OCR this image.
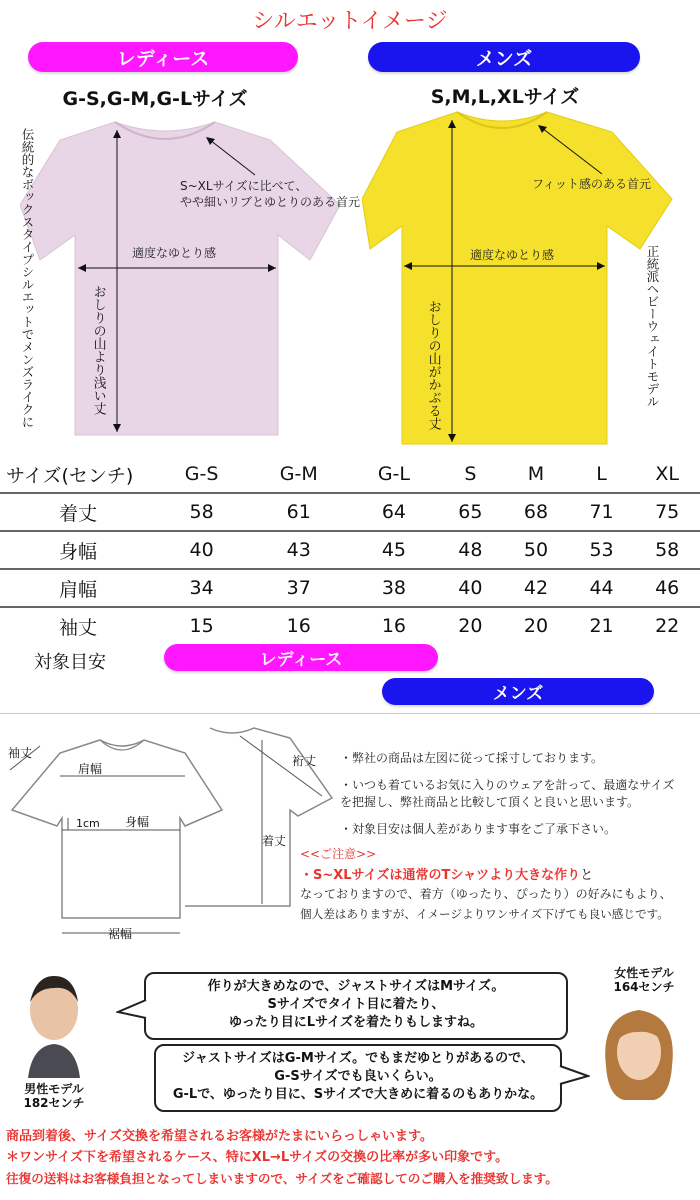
シルエットイメージ
レディース	メンズ
G-S,G-M,G-Lサイズ	S,M,L,XLサイズ
S~XLサイズに比べて、
やや細いリブとゆとりのある首元
適度なゆとり感
おしりの山より浅い丈
伝統的なボックスタイプシルエットでメンズライクに	フィット感のある首元
適度なゆとり感
おしりの山がかぶる丈	正統派ヘビーウェイトモデル
サイズ(センチ)	G-S	G-M	G-L	S	M	L	XL
着丈	58	61	64	65	68	71	75
身幅	40	43	45	48	50	53	58
肩幅	34	37	38	40	42	44	46
袖丈	15	16	16	20	20	21	22
対象目安	レディース
メンズ
袖丈
肩幅
裄丈
1cm 身幅
着丈
裾幅
・弊社の商品は左図に従って採寸しております。
・いつも着ているお気に入りのウェアを計って、最適なサイズ
を把握し、弊社商品と比較して頂くと良いと思います。
・対象目安は個人差があります事をご了承下さい。
<<ご注意>>
・S~XLサイズは通常のTシャツより大きな作りと
なっておりますので、着方（ゆったり、ぴったり）の好みにもより、
個人差はありますが、イメージよりワンサイズ下げても良い感じです。
男性モデル
182センチ
女性モデル
164センチ
作りが大きめなので、ジャストサイズはMサイズ。
Sサイズでタイト目に着たり、
ゆったり目にLサイズを着たりもしますね。
ジャストサイズはG-Mサイズ。でもまだゆとりがあるので、
G-Sサイズでも良いくらい。
G-Lで、ゆったり目に、Sサイズで大きめに着るのもありかな。
商品到着後、サイズ交換を希望されるお客様がたまにいらっしゃいます。
＊ワンサイズ下を希望されるケース、特にXL→Lサイズの交換の比率が多い印象です。
往復の送料はお客様負担となってしまいますので、サイズをご確認してのご購入を推奨致します。
